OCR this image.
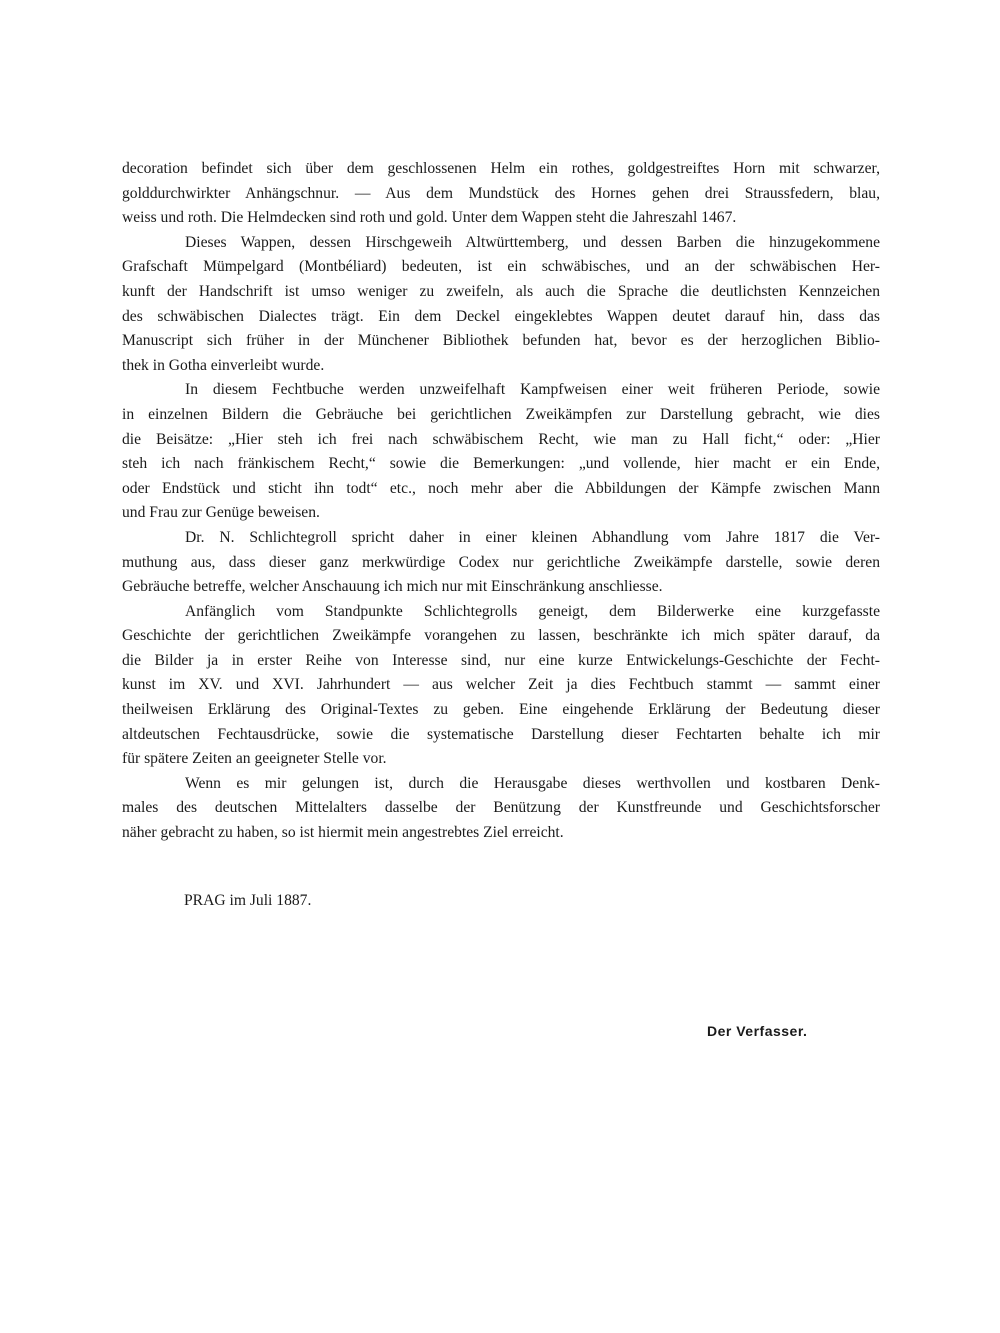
decoration befindet sich über dem geschlossenen Helm ein rothes, goldgestreiftes Horn mit schwarzer,
golddurchwirkter Anhängschnur. — Aus dem Mundstück des Hornes gehen drei Straussfedern, blau,
weiss und roth. Die Helmdecken sind roth und gold. Unter dem Wappen steht die Jahreszahl 1467.
Dieses Wappen, dessen Hirschgeweih Altwürttemberg, und dessen Barben die hinzugekommene
Grafschaft Mümpelgard (Montbéliard) bedeuten, ist ein schwäbisches, und an der schwäbischen Her-
kunft der Handschrift ist umso weniger zu zweifeln, als auch die Sprache die deutlichsten Kennzeichen
des schwäbischen Dialectes trägt. Ein dem Deckel eingeklebtes Wappen deutet darauf hin, dass das
Manuscript sich früher in der Münchener Bibliothek befunden hat, bevor es der herzoglichen Biblio-
thek in Gotha einverleibt wurde.
In diesem Fechtbuche werden unzweifelhaft Kampfweisen einer weit früheren Periode, sowie
in einzelnen Bildern die Gebräuche bei gerichtlichen Zweikämpfen zur Darstellung gebracht, wie dies
die Beisätze: „Hier steh ich frei nach schwäbischem Recht, wie man zu Hall ficht,“ oder: „Hier
steh ich nach fränkischem Recht,“ sowie die Bemerkungen: „und vollende, hier macht er ein Ende,
oder Endstück und sticht ihn todt“ etc., noch mehr aber die Abbildungen der Kämpfe zwischen Mann
und Frau zur Genüge beweisen.
Dr. N. Schlichtegroll spricht daher in einer kleinen Abhandlung vom Jahre 1817 die Ver-
muthung aus, dass dieser ganz merkwürdige Codex nur gerichtliche Zweikämpfe darstelle, sowie deren
Gebräuche betreffe, welcher Anschauung ich mich nur mit Einschränkung anschliesse.
Anfänglich vom Standpunkte Schlichtegrolls geneigt, dem Bilderwerke eine kurzgefasste
Geschichte der gerichtlichen Zweikämpfe vorangehen zu lassen, beschränkte ich mich später darauf, da
die Bilder ja in erster Reihe von Interesse sind, nur eine kurze Entwickelungs-Geschichte der Fecht-
kunst im XV. und XVI. Jahrhundert — aus welcher Zeit ja dies Fechtbuch stammt — sammt einer
theilweisen Erklärung des Original-Textes zu geben. Eine eingehende Erklärung der Bedeutung dieser
altdeutschen Fechtausdrücke, sowie die systematische Darstellung dieser Fechtarten behalte ich mir
für spätere Zeiten an geeigneter Stelle vor.
Wenn es mir gelungen ist, durch die Herausgabe dieses werthvollen und kostbaren Denk-
males des deutschen Mittelalters dasselbe der Benützung der Kunstfreunde und Geschichtsforscher
näher gebracht zu haben, so ist hiermit mein angestrebtes Ziel erreicht.
PRAG im Juli 1887.
Der Verfasser.
